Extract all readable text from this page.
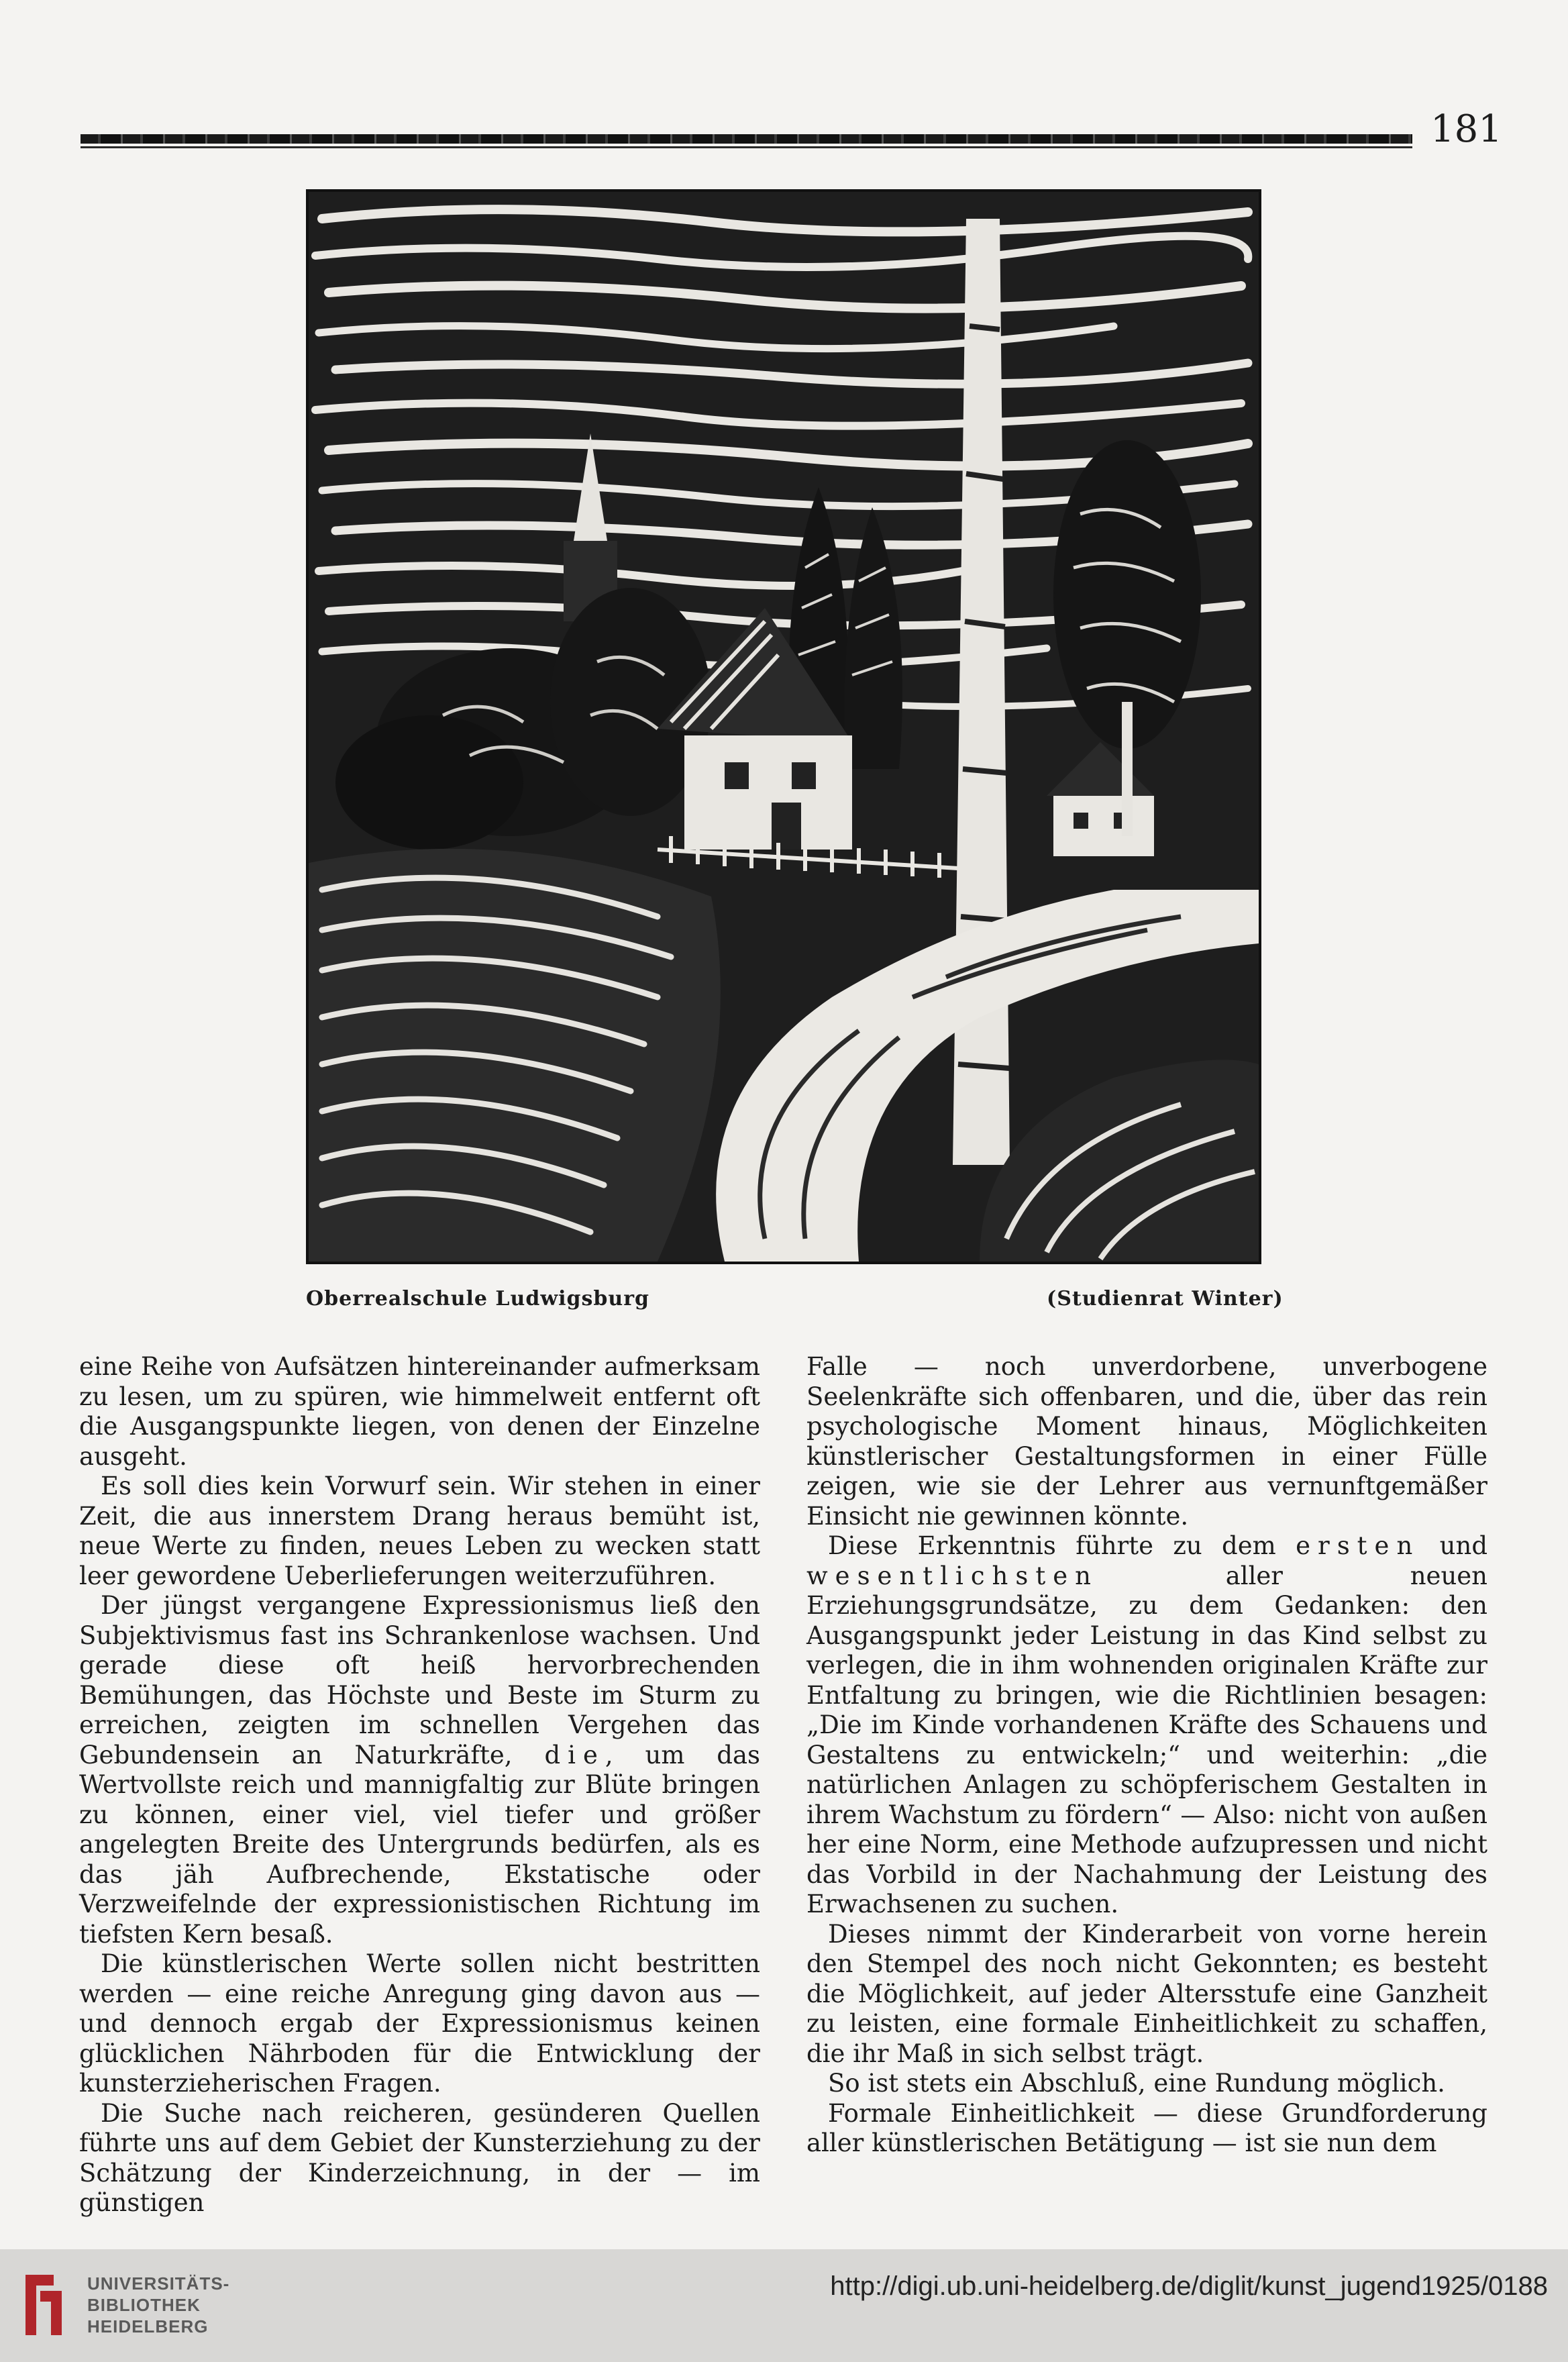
181
Oberrealschule Ludwigsburg	(Studienrat Winter)

eine Reihe von Aufsätzen hintereinander aufmerksam zu lesen, um zu spüren, wie himmelweit entfernt oft die Ausgangspunkte liegen, von denen der Einzelne ausgeht.

Es soll dies kein Vorwurf sein. Wir stehen in einer Zeit, die aus innerstem Drang heraus bemüht ist, neue Werte zu finden, neues Leben zu wecken statt leer gewordene Ueberlieferungen weiterzuführen.

Der jüngst vergangene Expressionismus ließ den Subjektivismus fast ins Schrankenlose wachsen. Und gerade diese oft heiß hervorbrechenden Bemühungen, das Höchste und Beste im Sturm zu erreichen, zeigten im schnellen Vergehen das Gebundensein an Naturkräfte, die, um das Wertvollste reich und mannigfaltig zur Blüte bringen zu können, einer viel, viel tiefer und größer angelegten Breite des Untergrunds bedürfen, als es das jäh Aufbrechende, Ekstatische oder Verzweifelnde der expressionistischen Richtung im tiefsten Kern besaß.

Die künstlerischen Werte sollen nicht bestritten werden — eine reiche Anregung ging davon aus — und dennoch ergab der Expressionismus keinen glücklichen Nährboden für die Entwicklung der kunsterzieherischen Fragen.

Die Suche nach reicheren, gesünderen Quellen führte uns auf dem Gebiet der Kunsterziehung zu der Schätzung der Kinderzeichnung, in der — im günstigen

Falle — noch unverdorbene, unverbogene Seelenkräfte sich offenbaren, und die, über das rein psychologische Moment hinaus, Möglichkeiten künstlerischer Gestaltungsformen in einer Fülle zeigen, wie sie der Lehrer aus vernunftgemäßer Einsicht nie gewinnen könnte.

Diese Erkenntnis führte zu dem ersten und wesentlichsten	aller neuen Erziehungsgrundsätze, zu dem Gedanken: den Ausgangspunkt jeder Leistung in das Kind selbst zu verlegen, die in ihm wohnenden originalen Kräfte zur Entfaltung zu bringen, wie die Richtlinien besagen: „Die im Kinde vorhandenen Kräfte des Schauens und Gestaltens zu entwickeln;“ und weiterhin: „die natürlichen Anlagen zu schöpferischem Gestalten in ihrem Wachstum zu fördern“ — Also: nicht von außen her eine Norm, eine Methode aufzupressen und nicht das Vorbild in der Nachahmung der Leistung des Erwachsenen zu suchen.

Dieses nimmt der Kinderarbeit von vorne herein den Stempel des noch nicht Gekonnten; es besteht die Möglichkeit, auf jeder Altersstufe eine Ganzheit zu leisten, eine formale Einheitlichkeit zu schaffen, die ihr Maß in sich selbst trägt.

So ist stets ein Abschluß, eine Rundung möglich.

Formale Einheitlichkeit — diese Grundforderung aller künstlerischen Betätigung — ist sie nun dem

UNIVERSITÄTS-
BIBLIOTHEK
HEIDELBERG
http://digi.ub.uni-heidelberg.de/diglit/kunst_jugend1925/0188
